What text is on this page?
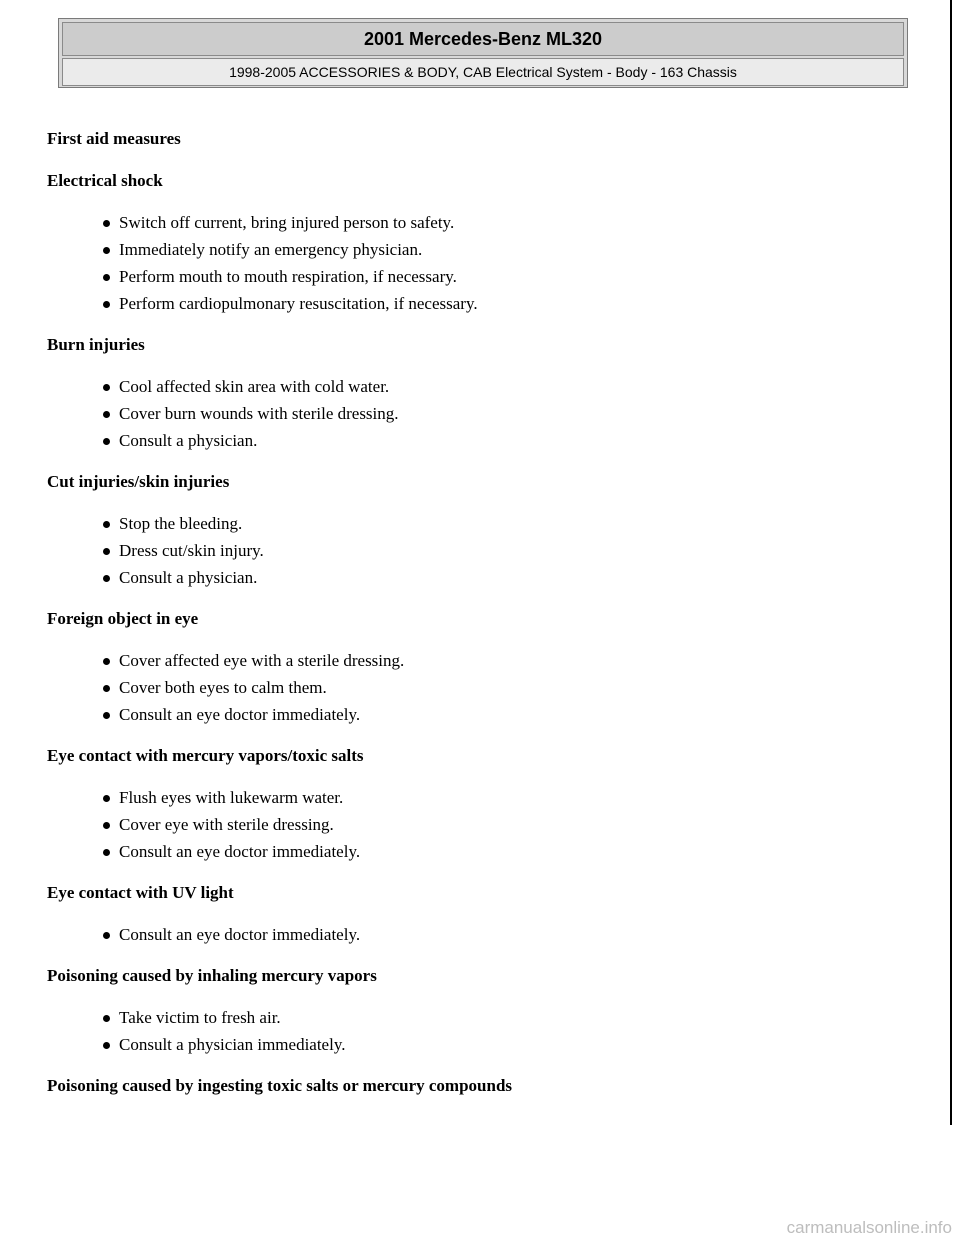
2001 Mercedes-Benz ML320
1998-2005 ACCESSORIES & BODY, CAB Electrical System - Body - 163 Chassis
First aid measures
Electrical shock
Switch off current, bring injured person to safety.
Immediately notify an emergency physician.
Perform mouth to mouth respiration, if necessary.
Perform cardiopulmonary resuscitation, if necessary.
Burn injuries
Cool affected skin area with cold water.
Cover burn wounds with sterile dressing.
Consult a physician.
Cut injuries/skin injuries
Stop the bleeding.
Dress cut/skin injury.
Consult a physician.
Foreign object in eye
Cover affected eye with a sterile dressing.
Cover both eyes to calm them.
Consult an eye doctor immediately.
Eye contact with mercury vapors/toxic salts
Flush eyes with lukewarm water.
Cover eye with sterile dressing.
Consult an eye doctor immediately.
Eye contact with UV light
Consult an eye doctor immediately.
Poisoning caused by inhaling mercury vapors
Take victim to fresh air.
Consult a physician immediately.
Poisoning caused by ingesting toxic salts or mercury compounds
carmanualsonline.info
